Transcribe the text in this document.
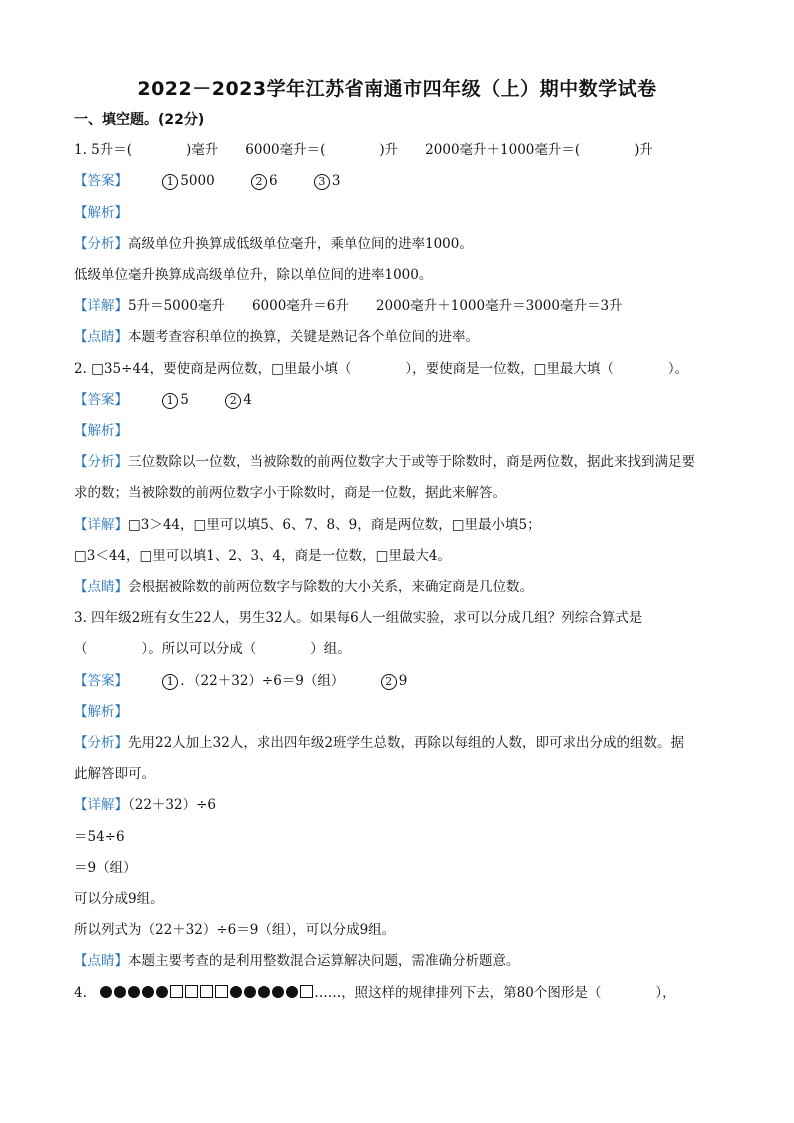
2022－2023学年江苏省南通市四年级（上）期中数学试卷
一、填空题。(22分)
1. 5升＝(　　　　)毫升　　6000毫升＝(　　　　)升　　2000毫升＋1000毫升＝(　　　　)升
【答案】	1 5000	2 6	3 3
【解析】
【分析】高级单位升换算成低级单位毫升，乘单位间的进率1000。
低级单位毫升换算成高级单位升，除以单位间的进率1000。
【详解】5升＝5000毫升　　6000毫升＝6升　　2000毫升＋1000毫升＝3000毫升＝3升
【点睛】本题考查容积单位的换算，关键是熟记各个单位间的进率。
2. □35÷44，要使商是两位数，□里最小填（　　　　），要使商是一位数，□里最大填（　　　　）。
【答案】	1 5	2 4
【解析】
【分析】三位数除以一位数，当被除数的前两位数字大于或等于除数时，商是两位数，据此来找到满足要
求的数；当被除数的前两位数字小于除数时，商是一位数，据此来解答。
【详解】□3＞44，□里可以填5、6、7、8、9，商是两位数，□里最小填5；
□3＜44，□里可以填1、2、3、4，商是一位数，□里最大4。
【点睛】会根据被除数的前两位数字与除数的大小关系，来确定商是几位数。
3. 四年级2班有女生22人，男生32人。如果每6人一组做实验，求可以分成几组？列综合算式是
（　　　　）。所以可以分成（　　　　）组。
【答案】	1 ．（22＋32）÷6＝9（组）	2 9
【解析】
【分析】先用22人加上32人，求出四年级2班学生总数，再除以每组的人数，即可求出分成的组数。据
此解答即可。
【详解】（22＋32）÷6
＝54÷6
＝9（组）
可以分成9组。
所以列式为（22＋32）÷6＝9（组），可以分成9组。
【点睛】本题主要考查的是利用整数混合运算解决问题，需准确分析题意。
4.	……，照这样的规律排列下去，第80个图形是（　　　　），
